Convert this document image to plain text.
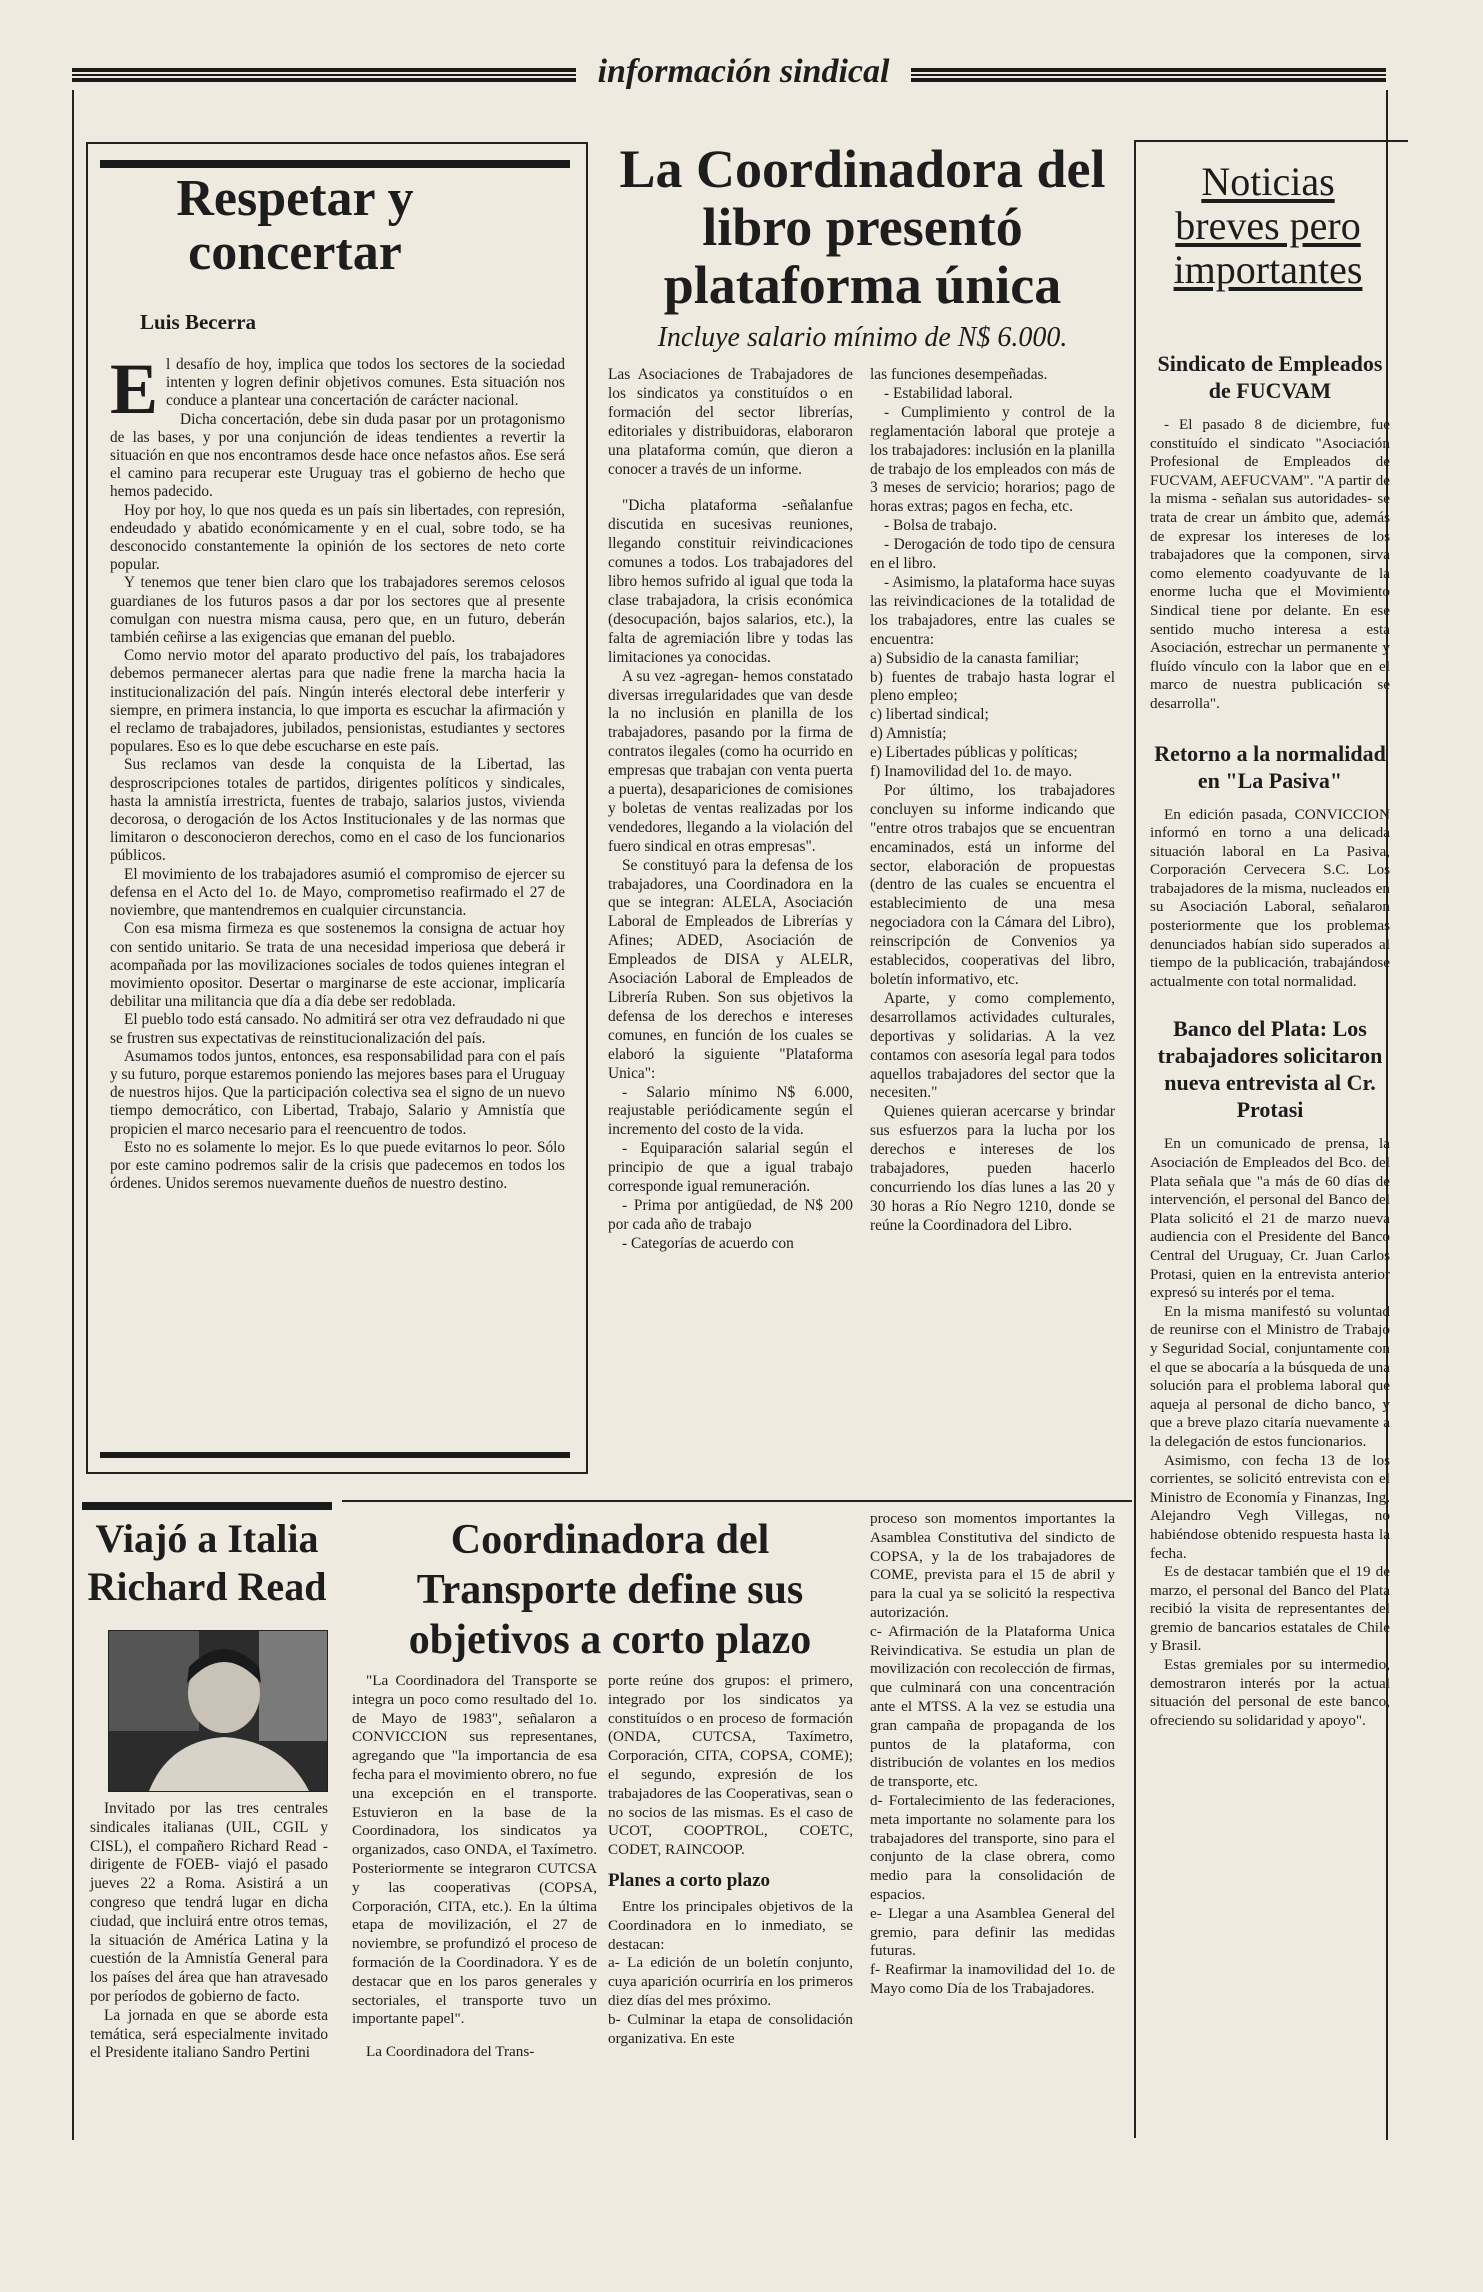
información sindical
Respetar y concertar
Luis Becerra
E l desafío de hoy, implica que todos los sectores de la sociedad intenten y logren definir objetivos comunes. Esta situación nos conduce a plantear una concertación de carácter nacional.

Dicha concertación, debe sin duda pasar por un protagonismo de las bases, y por una conjunción de ideas tendientes a revertir la situación en que nos encontramos desde hace once nefastos años. Ese será el camino para recuperar este Uruguay tras el gobierno de hecho que hemos padecido.

Hoy por hoy, lo que nos queda es un país sin libertades, con represión, endeudado y abatido económicamente y en el cual, sobre todo, se ha desconocido constantemente la opinión de los sectores de neto corte popular.

Y tenemos que tener bien claro que los trabajadores seremos celosos guardianes de los futuros pasos a dar por los sectores que al presente comulgan con nuestra misma causa, pero que, en un futuro, deberán también ceñirse a las exigencias que emanan del pueblo.

Como nervio motor del aparato productivo del país, los trabajadores debemos permanecer alertas para que nadie frene la marcha hacia la institucionalización del país. Ningún interés electoral debe interferir y siempre, en primera instancia, lo que importa es escuchar la afirmación y el reclamo de trabajadores, jubilados, pensionistas, estudiantes y sectores populares. Eso es lo que debe escucharse en este país.

Sus reclamos van desde la conquista de la Libertad, las desproscripciones totales de partidos, dirigentes políticos y sindicales, hasta la amnistía irrestricta, fuentes de trabajo, salarios justos, vivienda decorosa, o derogación de los Actos Institucionales y de las normas que limitaron o desconocieron derechos, como en el caso de los funcionarios públicos.

El movimiento de los trabajadores asumió el compromiso de ejercer su defensa en el Acto del 1o. de Mayo, comprometiso reafirmado el 27 de noviembre, que mantendremos en cualquier circunstancia.

Con esa misma firmeza es que sostenemos la consigna de actuar hoy con sentido unitario. Se trata de una necesidad imperiosa que deberá ir acompañada por las movilizaciones sociales de todos quienes integran el movimiento opositor. Desertar o marginarse de este accionar, implicaría debilitar una militancia que día a día debe ser redoblada.

El pueblo todo está cansado. No admitirá ser otra vez defraudado ni que se frustren sus expectativas de reinstitucionalización del país.

Asumamos todos juntos, entonces, esa responsabilidad para con el país y su futuro, porque estaremos poniendo las mejores bases para el Uruguay de nuestros hijos. Que la participación colectiva sea el signo de un nuevo tiempo democrático, con Libertad, Trabajo, Salario y Amnistía que propicien el marco necesario para el reencuentro de todos.

Esto no es solamente lo mejor. Es lo que puede evitarnos lo peor. Sólo por este camino podremos salir de la crisis que padecemos en todos los órdenes. Unidos seremos nuevamente dueños de nuestro destino.

La Coordinadora del libro presentó plataforma única
Incluye salario mínimo de N$ 6.000.

Las Asociaciones de Trabajadores de los sindicatos ya constituídos o en formación del sector librerías, editoriales y distribuidoras, elaboraron una plataforma común, que dieron a conocer a través de un informe.

"Dicha plataforma -señalanfue discutida en sucesivas reuniones, llegando constituir reivindicaciones comunes a todos. Los trabajadores del libro hemos sufrido al igual que toda la clase trabajadora, la crisis económica (desocupación, bajos salarios, etc.), la falta de agremiación libre y todas las limitaciones ya conocidas.

A su vez -agregan- hemos constatado diversas irregularidades que van desde la no inclusión en planilla de los trabajadores, pasando por la firma de contratos ilegales (como ha ocurrido en empresas que trabajan con venta puerta a puerta), desapariciones de comisiones y boletas de ventas realizadas por los vendedores, llegando a la violación del fuero sindical en otras empresas".

Se constituyó para la defensa de los trabajadores, una Coordinadora en la que se integran: ALELA, Asociación Laboral de Empleados de Librerías y Afines; ADED, Asociación de Empleados de DISA y ALELR, Asociación Laboral de Empleados de Librería Ruben. Son sus objetivos la defensa de los derechos e intereses comunes, en función de los cuales se elaboró la siguiente "Plataforma Unica":

- Salario mínimo N$ 6.000, reajustable periódicamente según el incremento del costo de la vida.

- Equiparación salarial según el principio de que a igual trabajo corresponde igual remuneración.

- Prima por antigüedad, de N$ 200 por cada año de trabajo

- Categorías de acuerdo con

las funciones desempeñadas.

- Estabilidad laboral.

- Cumplimiento y control de la reglamentación laboral que proteje a los trabajadores: inclusión en la planilla de trabajo de los empleados con más de 3 meses de servicio; horarios; pago de horas extras; pagos en fecha, etc.

- Bolsa de trabajo.

- Derogación de todo tipo de censura en el libro.

- Asimismo, la plataforma hace suyas las reivindicaciones de la totalidad de los trabajadores, entre las cuales se encuentra:

a) Subsidio de la canasta familiar;

b) fuentes de trabajo hasta lograr el pleno empleo;

c) libertad sindical;

d) Amnistía;

e) Libertades públicas y políticas;

f) Inamovilidad del 1o. de mayo.

Por último, los trabajadores concluyen su informe indicando que "entre otros trabajos que se encuentran encaminados, está un informe del sector, elaboración de propuestas (dentro de las cuales se encuentra el establecimiento de una mesa negociadora con la Cámara del Libro), reinscripción de Convenios ya establecidos, cooperativas del libro, boletín informativo, etc.

Aparte, y como complemento, desarrollamos actividades culturales, deportivas y solidarias. A la vez contamos con asesoría legal para todos aquellos trabajadores del sector que la necesiten."

Quienes quieran acercarse y brindar sus esfuerzos para la lucha por los derechos e intereses de los trabajadores, pueden hacerlo concurriendo los días lunes a las 20 y 30 horas a Río Negro 1210, donde se reúne la Coordinadora del Libro.

Noticias breves pero importantes
Sindicato de Empleados de FUCVAM

- El pasado 8 de diciembre, fue constituído el sindicato "Asociación Profesional de Empleados de FUCVAM, AEFUCVAM". "A partir de la misma - señalan sus autoridades- se trata de crear un ámbito que, además de expresar los intereses de los trabajadores que la componen, sirva como elemento coadyuvante de la enorme lucha que el Movimiento Sindical tiene por delante. En ese sentido mucho interesa a esta Asociación, estrechar un permanente y fluído vínculo con la labor que en el marco de nuestra publicación se desarrolla".

Retorno a la normalidad en "La Pasiva"

En edición pasada, CONVICCION informó en torno a una delicada situación laboral en La Pasiva, Corporación Cervecera S.C. Los trabajadores de la misma, nucleados en su Asociación Laboral, señalaron posteriormente que los problemas denunciados habían sido superados al tiempo de la publicación, trabajándose actualmente con total normalidad.

Banco del Plata: Los trabajadores solicitaron nueva entrevista al Cr. Protasi

En un comunicado de prensa, la Asociación de Empleados del Bco. del Plata señala que "a más de 60 días de intervención, el personal del Banco del Plata solicitó el 21 de marzo nueva audiencia con el Presidente del Banco Central del Uruguay, Cr. Juan Carlos Protasi, quien en la entrevista anterior expresó su interés por el tema.

En la misma manifestó su voluntad de reunirse con el Ministro de Trabajo y Seguridad Social, conjuntamente con el que se abocaría a la búsqueda de una solución para el problema laboral que aqueja al personal de dicho banco, y que a breve plazo citaría nuevamente a la delegación de estos funcionarios.

Asimismo, con fecha 13 de los corrientes, se solicitó entrevista con el Ministro de Economía y Finanzas, Ing. Alejandro Vegh Villegas, no habiéndose obtenido respuesta hasta la fecha.

Es de destacar también que el 19 de marzo, el personal del Banco del Plata recibió la visita de representantes del gremio de bancarios estatales de Chile y Brasil.

Estas gremiales por su intermedio, demostraron interés por la actual situación del personal de este banco, ofreciendo su solidaridad y apoyo".

Viajó a Italia Richard Read

Invitado por las tres centrales sindicales italianas (UIL, CGIL y CISL), el compañero Richard Read -dirigente de FOEB- viajó el pasado jueves 22 a Roma. Asistirá a un congreso que tendrá lugar en dicha ciudad, que incluirá entre otros temas, la situación de América Latina y la cuestión de la Amnistía General para los países del área que han atravesado por períodos de gobierno de facto.

La jornada en que se aborde esta temática, será especialmente invitado el Presidente italiano Sandro Pertini

Coordinadora del Transporte define sus objetivos a corto plazo

"La Coordinadora del Transporte se integra un poco como resultado del 1o. de Mayo de 1983", señalaron a CONVICCION sus representanes, agregando que "la importancia de esa fecha para el movimiento obrero, no fue una excepción en el transporte. Estuvieron en la base de la Coordinadora, los sindicatos ya organizados, caso ONDA, el Taxímetro. Posteriormente se integraron CUTCSA y las cooperativas (COPSA, Corporación, CITA, etc.). En la última etapa de movilización, el 27 de noviembre, se profundizó el proceso de formación de la Coordinadora. Y es de destacar que en los paros generales y sectoriales, el transporte tuvo un importante papel".

La Coordinadora del Trans-

porte reúne dos grupos: el primero, integrado por los sindicatos ya constituídos o en proceso de formación (ONDA, CUTCSA, Taxímetro, Corporación, CITA, COPSA, COME); el segundo, expresión de los trabajadores de las Cooperativas, sean o no socios de las mismas. Es el caso de UCOT, COOPTROL, COETC, CODET, RAINCOOP.

Planes a corto plazo

Entre los principales objetivos de la Coordinadora en lo inmediato, se destacan:

a- La edición de un boletín conjunto, cuya aparición ocurriría en los primeros diez días del mes próximo.

b- Culminar la etapa de consolidación organizativa. En este

proceso son momentos importantes la Asamblea Constitutiva del sindicto de COPSA, y la de los trabajadores de COME, prevista para el 15 de abril y para la cual ya se solicitó la respectiva autorización.

c- Afirmación de la Plataforma Unica Reivindicativa. Se estudia un plan de movilización con recolección de firmas, que culminará con una concentración ante el MTSS. A la vez se estudia una gran campaña de propaganda de los puntos de la plataforma, con distribución de volantes en los medios de transporte, etc.

d- Fortalecimiento de las federaciones, meta importante no solamente para los trabajadores del transporte, sino para el conjunto de la clase obrera, como medio para la consolidación de espacios.

e- Llegar a una Asamblea General del gremio, para definir las medidas futuras.

f- Reafirmar la inamovilidad del 1o. de Mayo como Día de los Trabajadores.
